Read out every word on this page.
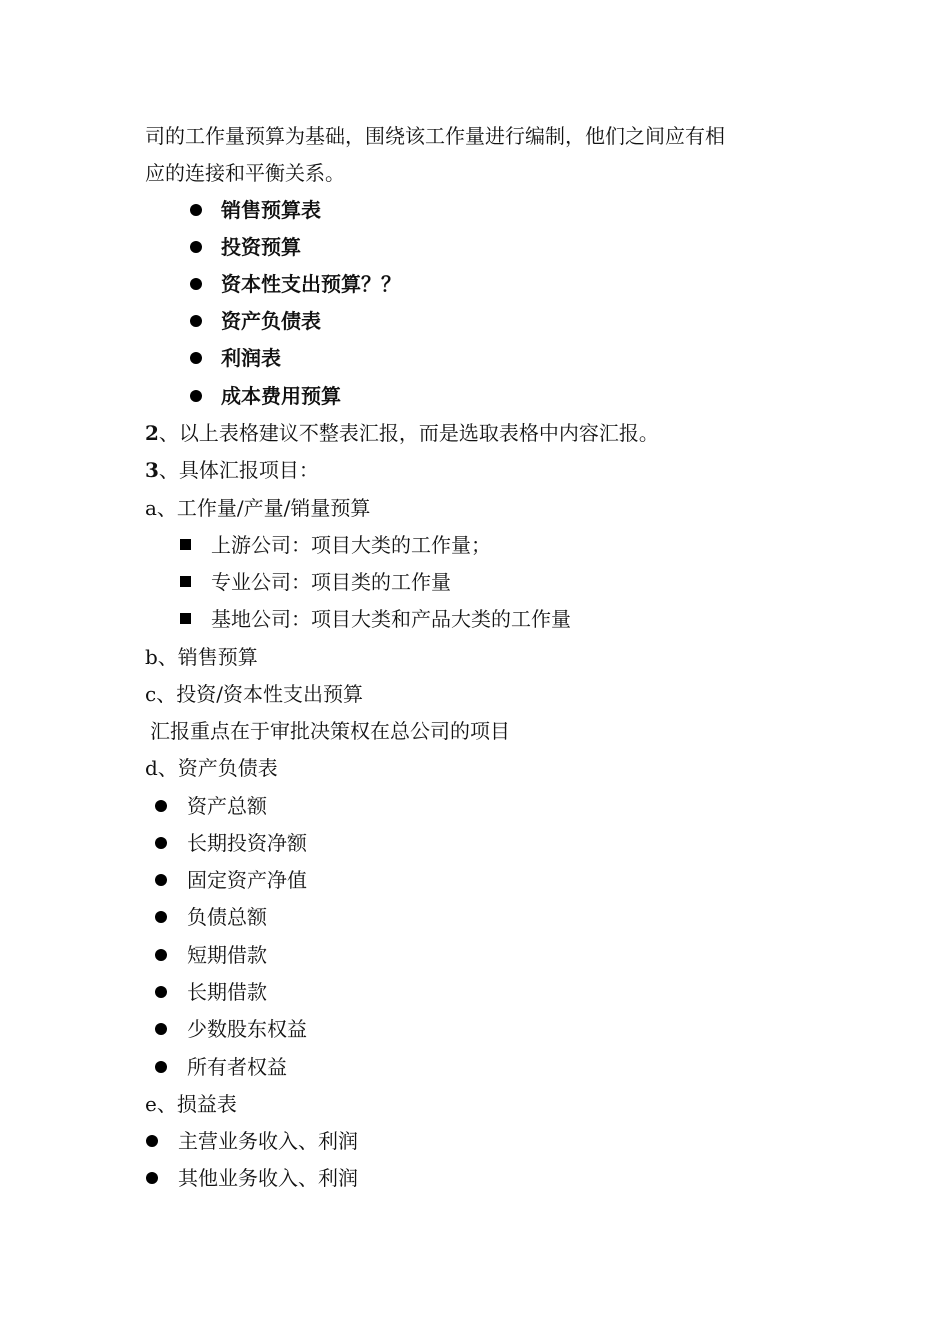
司的工作量预算为基础，围绕该工作量进行编制，他们之间应有相
应的连接和平衡关系。
销售预算表
投资预算
资本性支出预算？？
资产负债表
利润表
成本费用预算
2、以上表格建议不整表汇报，而是选取表格中内容汇报。
3、具体汇报项目：
a、工作量/产量/销量预算
上游公司：项目大类的工作量；
专业公司：项目类的工作量
基地公司：项目大类和产品大类的工作量
b、销售预算
c、投资/资本性支出预算
汇报重点在于审批决策权在总公司的项目
d、资产负债表
资产总额
长期投资净额
固定资产净值
负债总额
短期借款
长期借款
少数股东权益
所有者权益
e、损益表
主营业务收入、利润
其他业务收入、利润
